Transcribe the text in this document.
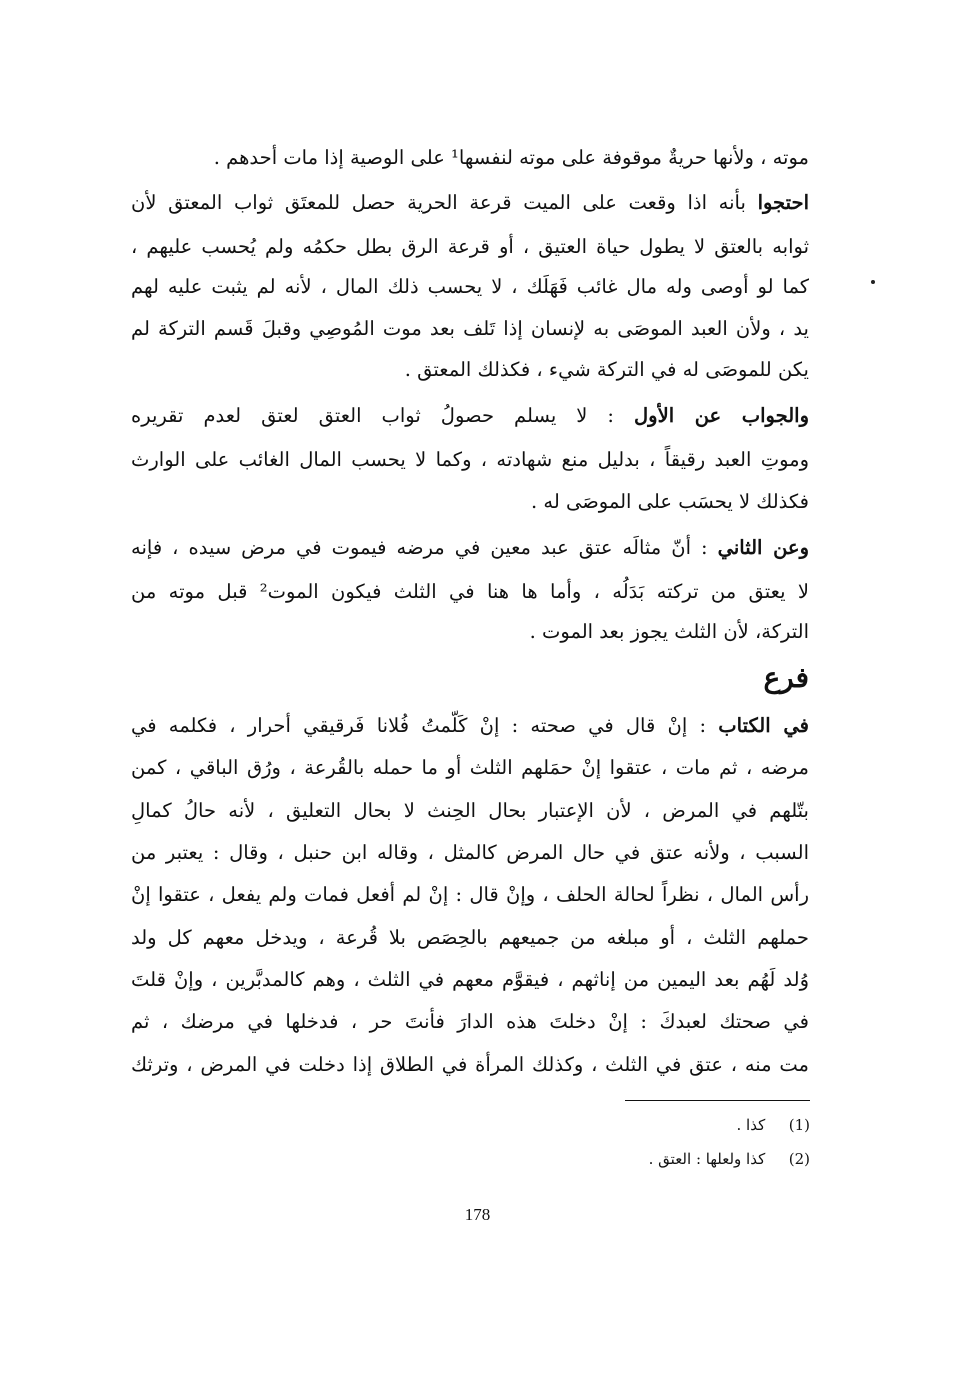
موته ، ولأنها حريةٌ موقوفة على موته لنفسها¹ على الوصية إذا مات أحدهم .
احتجوا بأنه اذا وقعت على الميت قرعة الحرية حصل للمعتَق ثواب المعتق لأن
ثوابه بالعتق لا يطول حياة العتيق ، أو قرعة الرق بطل حكمُه ولم يُحسب عليهم ،
كما لو أوصى وله مال غائب فَهَلَك ، لا يحسب ذلك المال ، لأنه لم يثبت عليه لهم
يد ، ولأن العبد الموصَى به لإنسان إذا تَلف بعد موت المُوصِي وقبلَ قَسم التركة لم
يكن للموصَى له في التركة شيء ، فكذلك المعتق .
والجواب عن الأول : لا يسلم حصولُ ثواب العتق لعتق لعدم تقريره
وموتِ العبد رقيقاً ، بدليل منع شهادته ، وكما لا يحسب المال الغائب على الوارث
فكذلك لا يحسَب على الموصَى له .
وعن الثاني : أنّ مثالَه عتق عبد معين في مرضه فيموت في مرض سيده ، فإنه
لا يعتق من تركته بَدَلُه ، وأما ها هنا في الثلث فيكون الموت² قبل موته من
التركة، لأن الثلث يجوز بعد الموت .
فرع
في الكتاب : إنْ قال في صحته : إنْ كَلّمتُ فُلانا فَرقيقي أحرار ، فكلمه في
مرضه ، ثم مات ، عتقوا إنْ حمَلهم الثلث أو ما حمله بالقُرعة ، ورُق الباقي ، كمن
بتّلهم في المرض ، لأن الإعتبار بحال الحِنث لا بحال التعليق ، لأنه حالُ كمالِ
السبب ، ولأنه عتق في حال المرض كالمثل ، وقاله ابن حنبل ، وقال : يعتبر من
رأس المال ، نظراً لحالة الحلف ، وإنْ قال : إنْ لم أفعل فمات ولم يفعل ، عتقوا إنْ
حملهم الثلث ، أو مبلغه من جميعهم بالحِصَص بلا قُرعة ، ويدخل معهم كل ولد
وُلد لَهُم بعد اليمين من إناثهم ، فيقوَّم معهم في الثلث ، وهم كالمدبَّرين ، وإنْ قلتَ
في صحتك لعبدكَ : إنْ دخلتَ هذه الدارَ فأنتَ حر ، فدخلها في مرضك ، ثم
مت منه ، عتق في الثلث ، وكذلك المرأة في الطلاق إذا دخلت في المرض ، وترثك
(1) كذا .
(2) كذا ولعلها : العتق .
178
